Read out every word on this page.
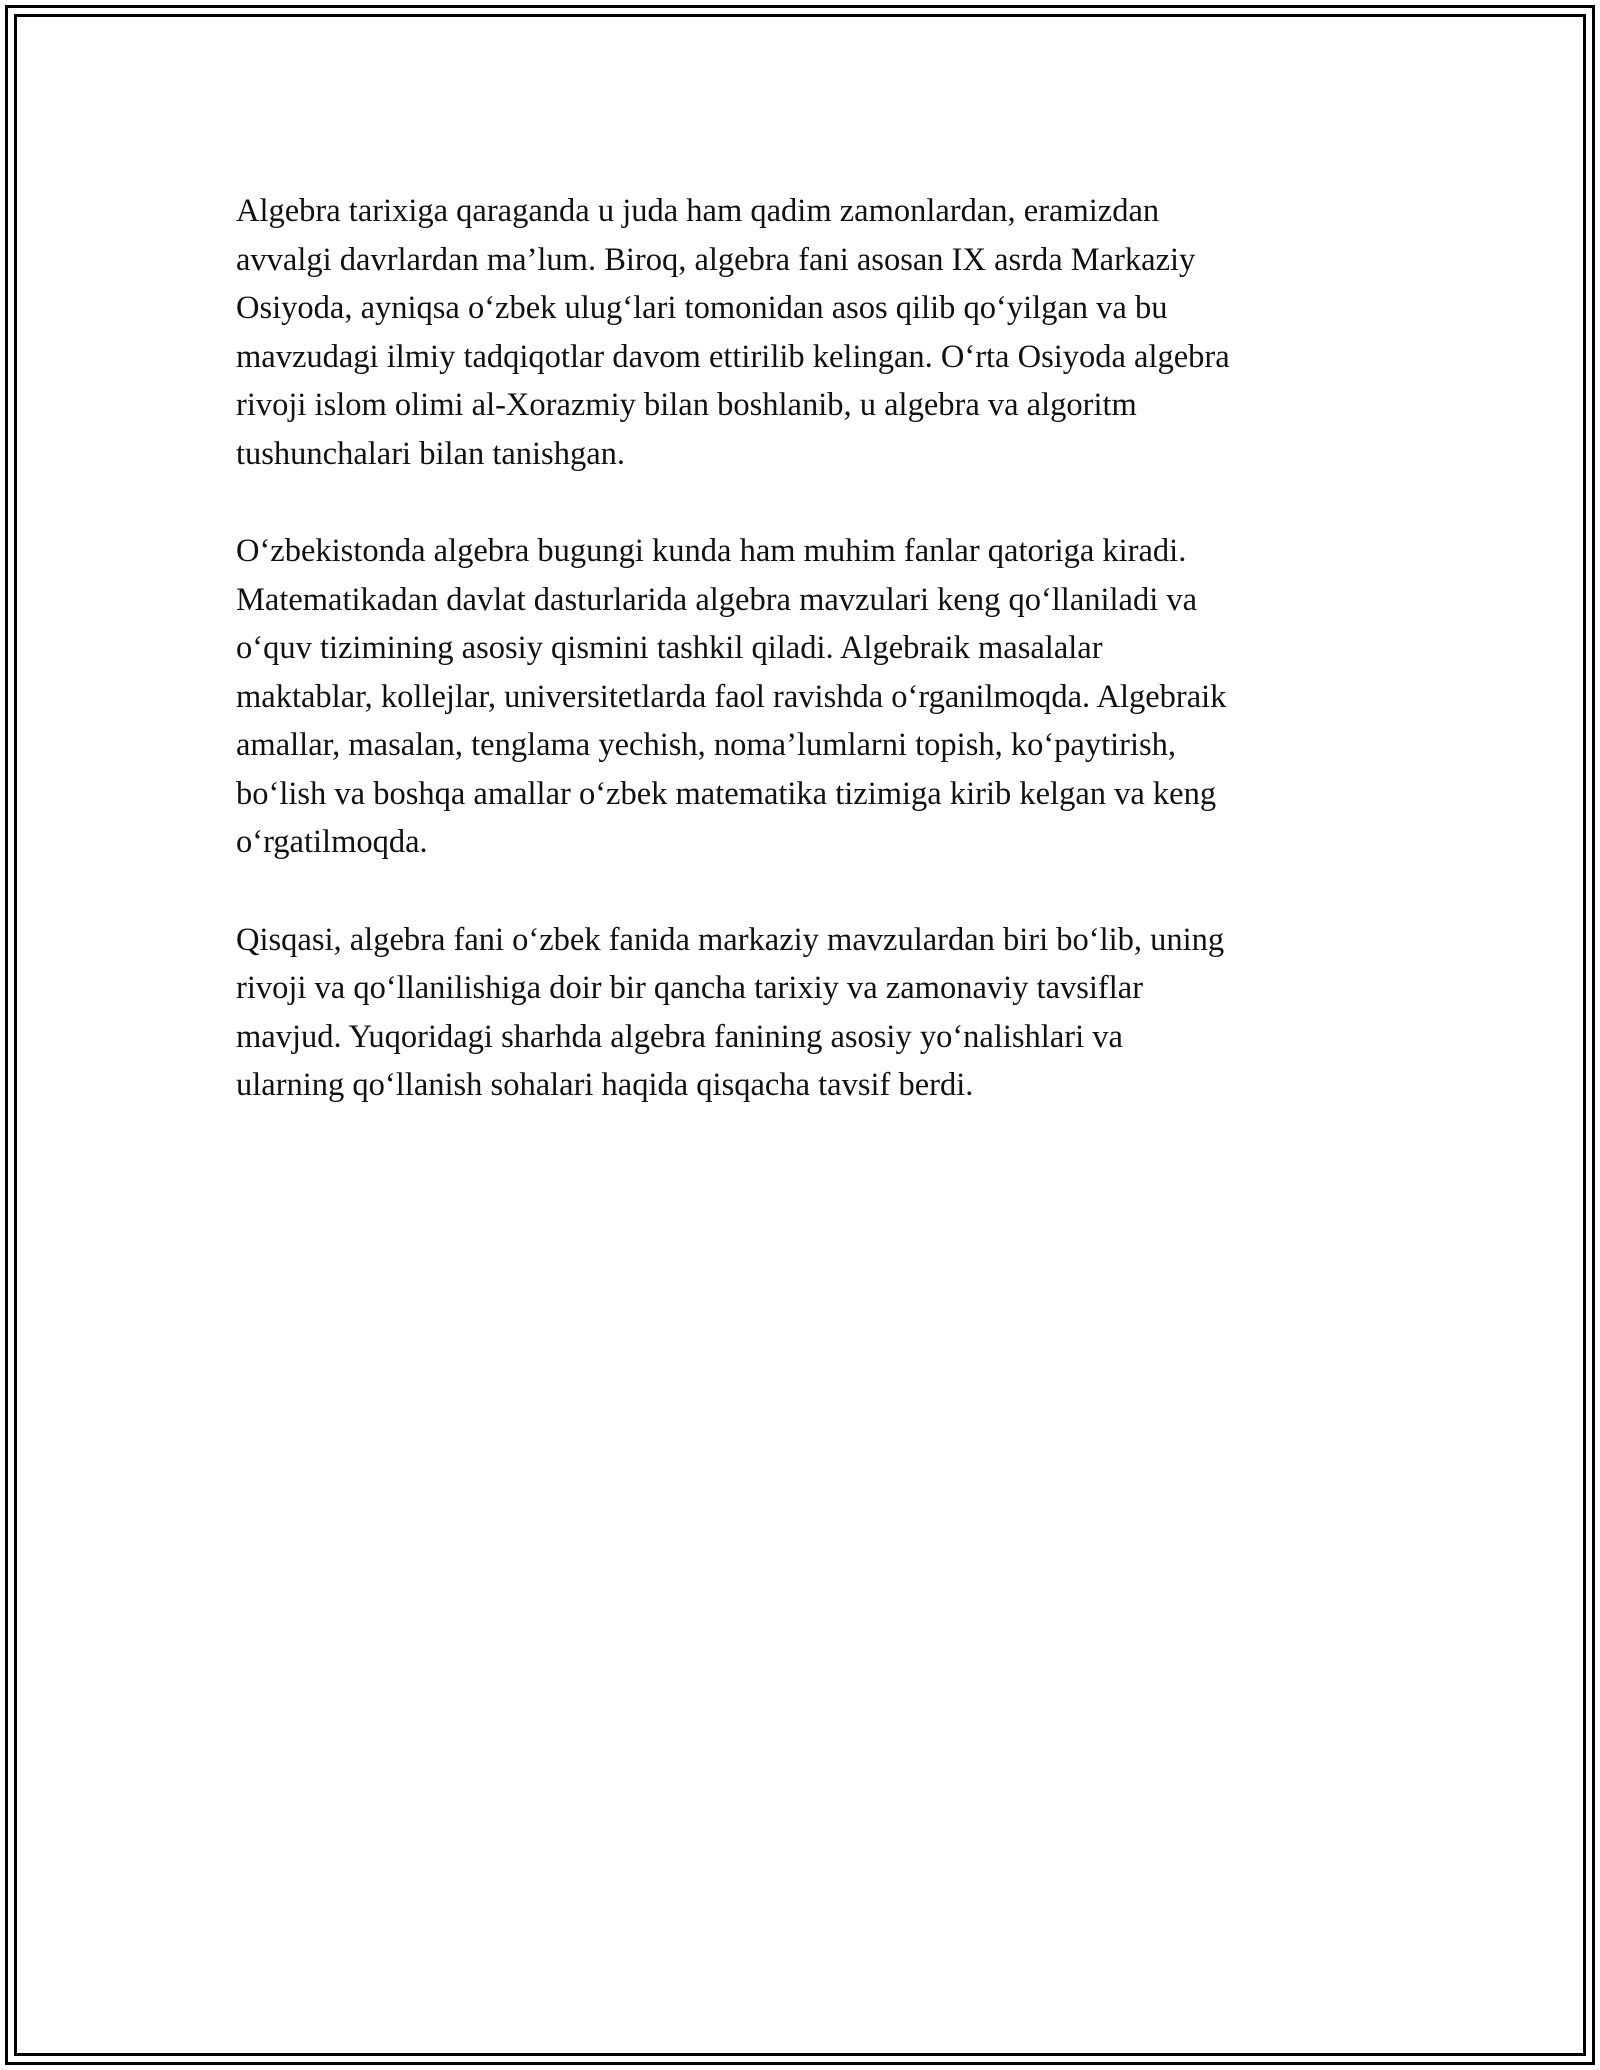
Algebra tarixiga qaraganda u juda ham qadim zamonlardan, eramizdan
avvalgi davrlardan ma’lum. Biroq, algebra fani asosan IX asrda Markaziy
Osiyoda, ayniqsa o‘zbek ulug‘lari tomonidan asos qilib qo‘yilgan va bu
mavzudagi ilmiy tadqiqotlar davom ettirilib kelingan. O‘rta Osiyoda algebra
rivoji islom olimi al-Xorazmiy bilan boshlanib, u algebra va algoritm
tushunchalari bilan tanishgan.

O‘zbekistonda algebra bugungi kunda ham muhim fanlar qatoriga kiradi.
Matematikadan davlat dasturlarida algebra mavzulari keng qo‘llaniladi va
o‘quv tizimining asosiy qismini tashkil qiladi. Algebraik masalalar
maktablar, kollejlar, universitetlarda faol ravishda o‘rganilmoqda. Algebraik
amallar, masalan, tenglama yechish, noma’lumlarni topish, ko‘paytirish,
bo‘lish va boshqa amallar o‘zbek matematika tizimiga kirib kelgan va keng
o‘rgatilmoqda.

Qisqasi, algebra fani o‘zbek fanida markaziy mavzulardan biri bo‘lib, uning
rivoji va qo‘llanilishiga doir bir qancha tarixiy va zamonaviy tavsiflar
mavjud. Yuqoridagi sharhda algebra fanining asosiy yo‘nalishlari va
ularning qo‘llanish sohalari haqida qisqacha tavsif berdi.
